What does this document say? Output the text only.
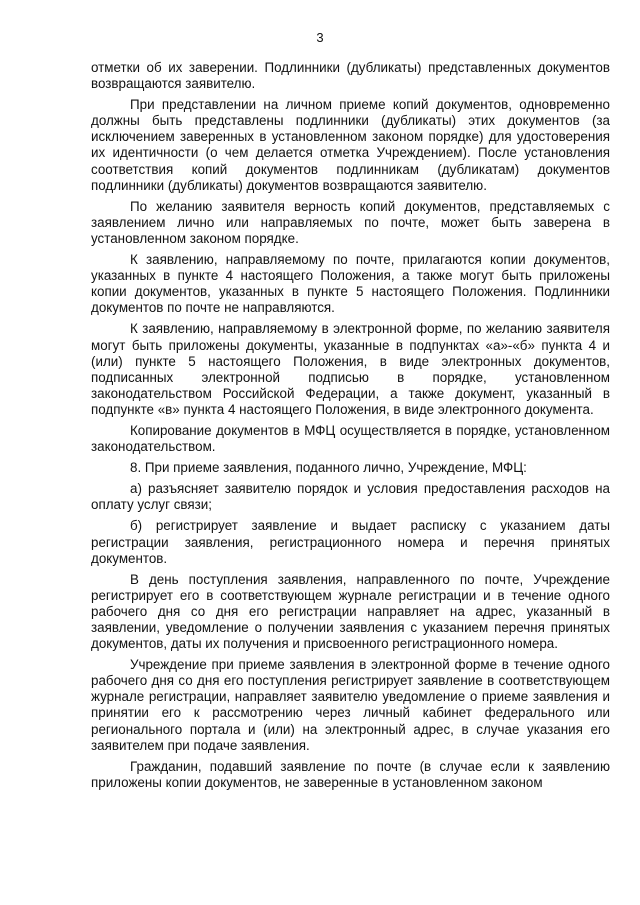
3

отметки об их заверении. Подлинники (дубликаты) представленных документов возвращаются заявителю.

При представлении на личном приеме копий документов, одновременно должны быть представлены подлинники (дубликаты) этих документов (за исключением заверенных в установленном законом порядке) для удостоверения их идентичности (о чем делается отметка Учреждением). После установления соответствия копий документов подлинникам (дубликатам) документов подлинники (дубликаты) документов возвращаются заявителю.

По желанию заявителя верность копий документов, представляемых с заявлением лично или направляемых по почте, может быть заверена в установленном законом порядке.

К заявлению, направляемому по почте, прилагаются копии документов, указанных в пункте 4 настоящего Положения, а также могут быть приложены копии документов, указанных в пункте 5 настоящего Положения. Подлинники документов по почте не направляются.

К заявлению, направляемому в электронной форме, по желанию заявителя могут быть приложены документы, указанные в подпунктах «а»-«б» пункта 4 и (или) пункте 5 настоящего Положения, в виде электронных документов, подписанных электронной подписью в порядке, установленном законодательством Российской Федерации, а также документ, указанный в подпункте «в» пункта 4 настоящего Положения, в виде электронного документа.

Копирование документов в МФЦ осуществляется в порядке, установленном законодательством.

8. При приеме заявления, поданного лично, Учреждение, МФЦ:

а) разъясняет заявителю порядок и условия предоставления расходов на оплату услуг связи;

б) регистрирует заявление и выдает расписку с указанием даты регистрации заявления, регистрационного номера и перечня принятых документов.

В день поступления заявления, направленного по почте, Учреждение регистрирует его в соответствующем журнале регистрации и в течение одного рабочего дня со дня его регистрации направляет на адрес, указанный в заявлении, уведомление о получении заявления с указанием перечня принятых документов, даты их получения и присвоенного регистрационного номера.

Учреждение при приеме заявления в электронной форме в течение одного рабочего дня со дня его поступления регистрирует заявление в соответствующем журнале регистрации, направляет заявителю уведомление о приеме заявления и принятии его к рассмотрению через личный кабинет федерального или регионального портала и (или) на электронный адрес, в случае указания его заявителем при подаче заявления.

Гражданин, подавший заявление по почте (в случае если к заявлению приложены копии документов, не заверенные в установленном законом
